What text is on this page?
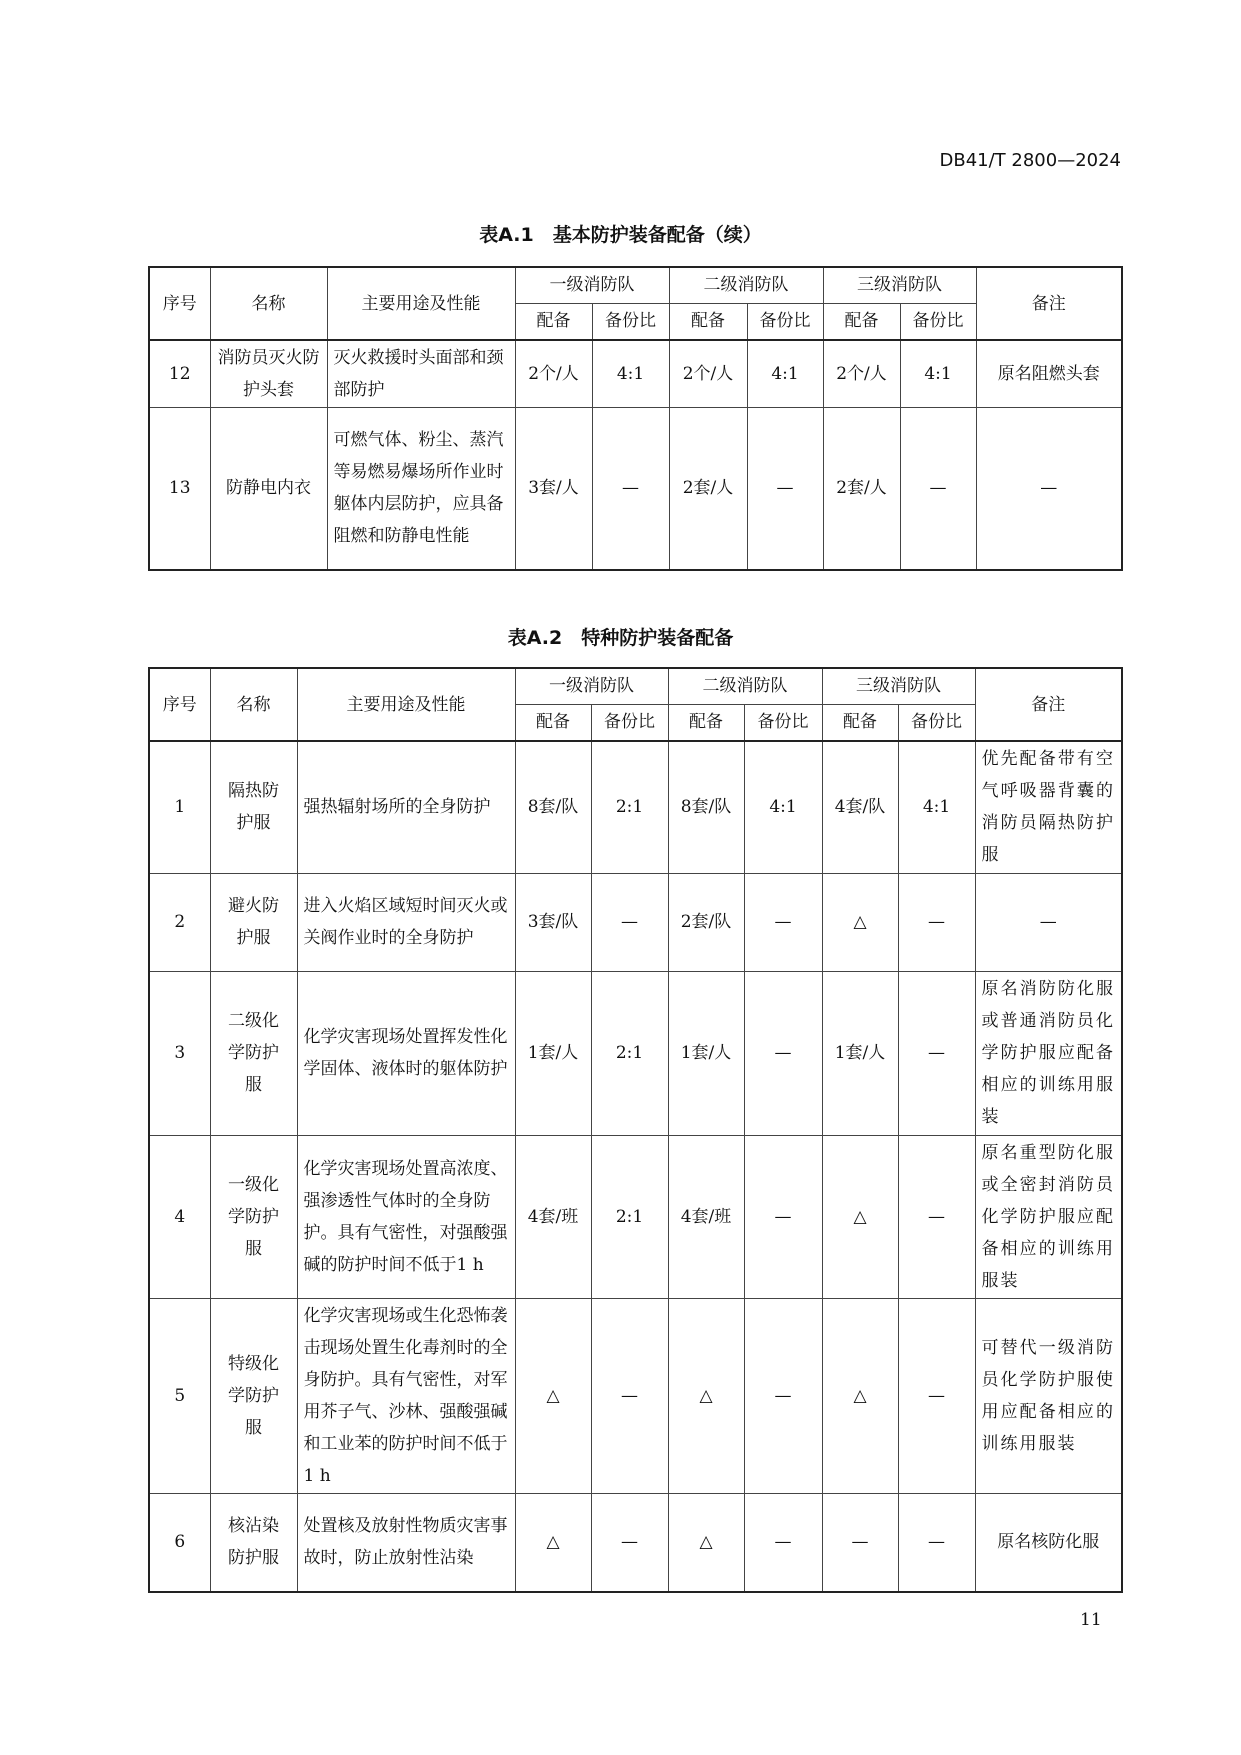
DB41/T 2800—2024
表A.1　基本防护装备配备（续）
序号	名称	主要用途及性能	一级消防队		二级消防队		三级消防队		备注
			配备	备份比	配备	备份比	配备	备份比	
12	消防员灭火防护头套	灭火救援时头面部和颈部防护	2个/人	4:1	2个/人	4:1	2个/人	4:1	原名阻燃头套
13	防静电内衣	可燃气体、粉尘、蒸汽等易燃易爆场所作业时躯体内层防护，应具备阻燃和防静电性能	3套/人	—	2套/人	—	2套/人	—	—
表A.2　特种防护装备配备
序号	名称	主要用途及性能	一级消防队		二级消防队		三级消防队		备注
			配备	备份比	配备	备份比	配备	备份比	
1	隔热防护服	强热辐射场所的全身防护	8套/队	2:1	8套/队	4:1	4套/队	4:1	优先配备带有空气呼吸器背囊的消防员隔热防护服
2	避火防护服	进入火焰区域短时间灭火或关阀作业时的全身防护	3套/队	—	2套/队	—	△	—	—
3	二级化学防护服	化学灾害现场处置挥发性化学固体、液体时的躯体防护	1套/人	2:1	1套/人	—	1套/人	—	原名消防防化服或普通消防员化学防护服应配备相应的训练用服装
4	一级化学防护服	化学灾害现场处置高浓度、强渗透性气体时的全身防护。具有气密性，对强酸强碱的防护时间不低于1 h	4套/班	2:1	4套/班	—	△	—	原名重型防化服或全密封消防员化学防护服应配备相应的训练用服装
5	特级化学防护服	化学灾害现场或生化恐怖袭击现场处置生化毒剂时的全身防护。具有气密性，对军用芥子气、沙林、强酸强碱和工业苯的防护时间不低于1 h	△	—	△	—	△	—	可替代一级消防员化学防护服使用应配备相应的训练用服装
6	核沾染防护服	处置核及放射性物质灾害事故时，防止放射性沾染	△	—	△	—	—	—	原名核防化服
11
